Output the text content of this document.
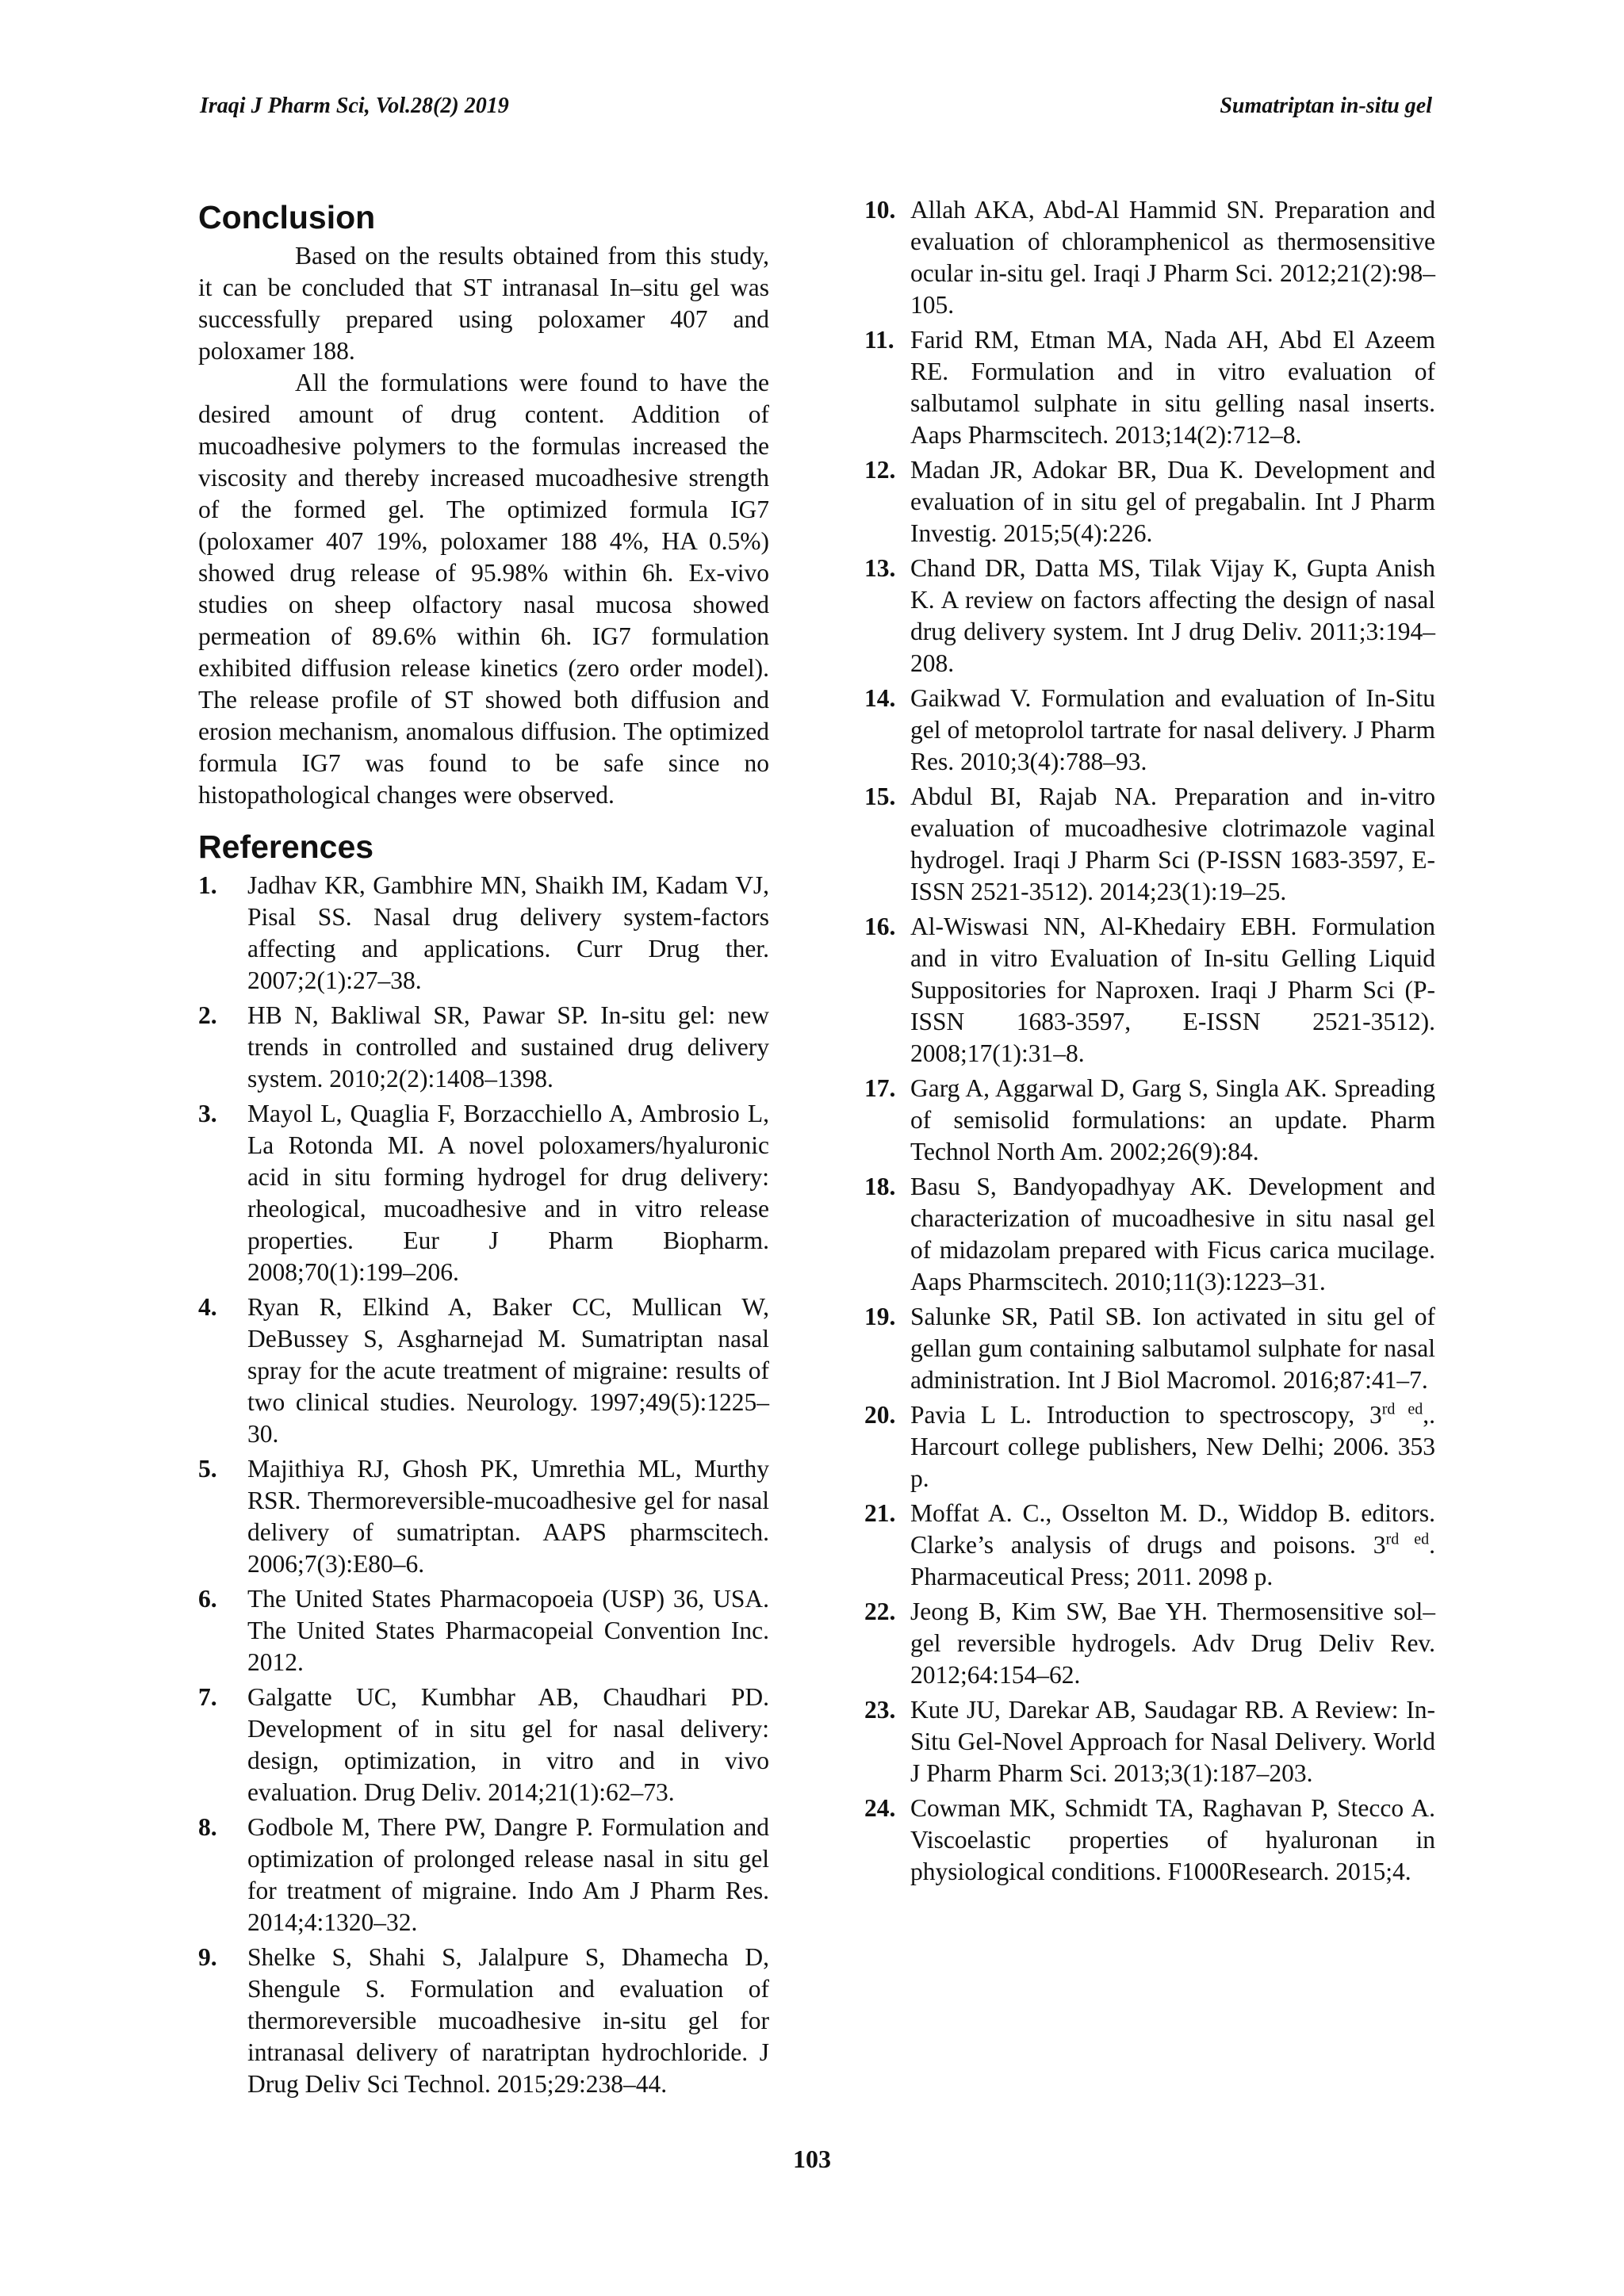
Iraqi J Pharm Sci, Vol.28(2) 2019	Sumatriptan in-situ gel
Conclusion

Based on the results obtained from this study, it can be concluded that ST intranasal In–situ gel was successfully prepared using poloxamer 407 and poloxamer 188.

All the formulations were found to have the desired amount of drug content. Addition of mucoadhesive polymers to the formulas increased the viscosity and thereby increased mucoadhesive strength of the formed gel. The optimized formula IG7 (poloxamer 407 19%, poloxamer 188 4%, HA 0.5%) showed drug release of 95.98% within 6h. Ex-vivo studies on sheep olfactory nasal mucosa showed permeation of 89.6% within 6h. IG7 formulation exhibited diffusion release kinetics (zero order model). The release profile of ST showed both diffusion and erosion mechanism, anomalous diffusion. The optimized formula IG7 was found to be safe since no histopathological changes were observed.

References
1.	Jadhav KR, Gambhire MN, Shaikh IM, Kadam VJ, Pisal SS. Nasal drug delivery system-factors affecting and applications. Curr Drug ther. 2007;2(1):27–38.
2.	HB N, Bakliwal SR, Pawar SP. In-situ gel: new trends in controlled and sustained drug delivery system. 2010;2(2):1408–1398.
3.	Mayol L, Quaglia F, Borzacchiello A, Ambrosio L, La Rotonda MI. A novel poloxamers/hyaluronic acid in situ forming hydrogel for drug delivery: rheological, mucoadhesive and in vitro release properties. Eur J Pharm Biopharm. 2008;70(1):199–206.
4.	Ryan R, Elkind A, Baker CC, Mullican W, DeBussey S, Asgharnejad M. Sumatriptan nasal spray for the acute treatment of migraine: results of two clinical studies. Neurology. 1997;49(5):1225–30.
5.	Majithiya RJ, Ghosh PK, Umrethia ML, Murthy RSR. Thermoreversible-mucoadhesive gel for nasal delivery of sumatriptan. AAPS pharmscitech. 2006;7(3):E80–6.
6.	The United States Pharmacopoeia (USP) 36, USA. The United States Pharmacopeial Convention Inc. 2012.
7.	Galgatte UC, Kumbhar AB, Chaudhari PD. Development of in situ gel for nasal delivery: design, optimization, in vitro and in vivo evaluation. Drug Deliv. 2014;21(1):62–73.
8.	Godbole M, There PW, Dangre P. Formulation and optimization of prolonged release nasal in situ gel for treatment of migraine. Indo Am J Pharm Res. 2014;4:1320–32.
9.	Shelke S, Shahi S, Jalalpure S, Dhamecha D, Shengule S. Formulation and evaluation of thermoreversible mucoadhesive in-situ gel for intranasal delivery of naratriptan hydrochloride. J Drug Deliv Sci Technol. 2015;29:238–44.
10. Allah AKA, Abd-Al Hammid SN. Preparation and evaluation of chloramphenicol as thermosensitive ocular in-situ gel. Iraqi J Pharm Sci. 2012;21(2):98–105.
11. Farid RM, Etman MA, Nada AH, Abd El Azeem RE. Formulation and in vitro evaluation of salbutamol sulphate in situ gelling nasal inserts. Aaps Pharmscitech. 2013;14(2):712–8.
12. Madan JR, Adokar BR, Dua K. Development and evaluation of in situ gel of pregabalin. Int J Pharm Investig. 2015;5(4):226.
13. Chand DR, Datta MS, Tilak Vijay K, Gupta Anish K. A review on factors affecting the design of nasal drug delivery system. Int J drug Deliv. 2011;3:194–208.
14. Gaikwad V. Formulation and evaluation of In-Situ gel of metoprolol tartrate for nasal delivery. J Pharm Res. 2010;3(4):788–93.
15. Abdul BI, Rajab NA. Preparation and in-vitro evaluation of mucoadhesive clotrimazole vaginal hydrogel. Iraqi J Pharm Sci (P-ISSN 1683-3597, E-ISSN 2521-3512). 2014;23(1):19–25.
16. Al-Wiswasi NN, Al-Khedairy EBH. Formulation and in vitro Evaluation of In-situ Gelling Liquid Suppositories for Naproxen. Iraqi J Pharm Sci (P-ISSN 1683-3597, E-ISSN 2521-3512). 2008;17(1):31–8.
17. Garg A, Aggarwal D, Garg S, Singla AK. Spreading of semisolid formulations: an update. Pharm Technol North Am. 2002;26(9):84.
18. Basu S, Bandyopadhyay AK. Development and characterization of mucoadhesive in situ nasal gel of midazolam prepared with Ficus carica mucilage. Aaps Pharmscitech. 2010;11(3):1223–31.
19. Salunke SR, Patil SB. Ion activated in situ gel of gellan gum containing salbutamol sulphate for nasal administration. Int J Biol Macromol. 2016;87:41–7.
20. Pavia L L. Introduction to spectroscopy, $3^{rd ed}$,. Harcourt college publishers, New Delhi; 2006. 353 p.
21. Moffat A. C., Osselton M. D., Widdop B. editors. Clarke’s analysis of drugs and poisons. $3^{rd ed}$. Pharmaceutical Press; 2011. 2098 p.
22. Jeong B, Kim SW, Bae YH. Thermosensitive sol–gel reversible hydrogels. Adv Drug Deliv Rev. 2012;64:154–62.
23. Kute JU, Darekar AB, Saudagar RB. A Review: In-Situ Gel-Novel Approach for Nasal Delivery. World J Pharm Pharm Sci. 2013;3(1):187–203.
24. Cowman MK, Schmidt TA, Raghavan P, Stecco A. Viscoelastic properties of hyaluronan in physiological conditions. F1000Research. 2015;4.
103
